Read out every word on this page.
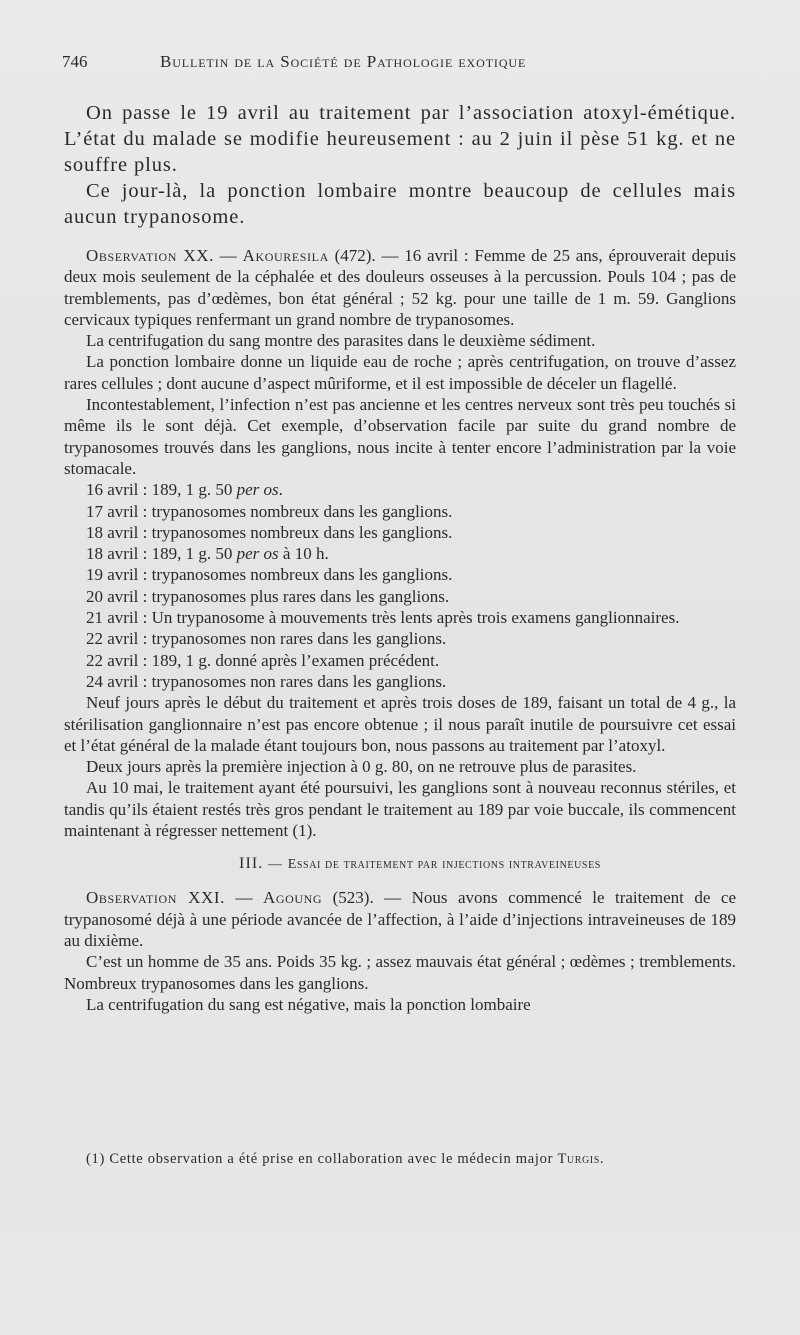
746	Bulletin de la Société de Pathologie exotique

On passe le 19 avril au traitement par l’association atoxyl-émétique. L’état du malade se modifie heureusement : au 2 juin il pèse 51 kg. et ne souffre plus.

Ce jour-là, la ponction lombaire montre beaucoup de cellules mais aucun trypanosome.

Observation XX. — Akouresila (472). — 16 avril : Femme de 25 ans, éprouverait depuis deux mois seulement de la céphalée et des douleurs osseuses à la percussion. Pouls 104 ; pas de tremblements, pas d’œdèmes, bon état général ; 52 kg. pour une taille de 1 m. 59. Ganglions cervicaux typiques renfermant un grand nombre de trypanosomes.

La centrifugation du sang montre des parasites dans le deuxième sédiment.

La ponction lombaire donne un liquide eau de roche ; après centrifugation, on trouve d’assez rares cellules ; dont aucune d’aspect mûriforme, et il est impossible de déceler un flagellé.

Incontestablement, l’infection n’est pas ancienne et les centres nerveux sont très peu touchés si même ils le sont déjà. Cet exemple, d’observation facile par suite du grand nombre de trypanosomes trouvés dans les ganglions, nous incite à tenter encore l’administration par la voie stomacale.

16 avril : 189, 1 g. 50 per os.

17 avril : trypanosomes nombreux dans les ganglions.

18 avril : trypanosomes nombreux dans les ganglions.

18 avril : 189, 1 g. 50 per os à 10 h.

19 avril : trypanosomes nombreux dans les ganglions.

20 avril : trypanosomes plus rares dans les ganglions.

21 avril : Un trypanosome à mouvements très lents après trois examens ganglionnaires.

22 avril : trypanosomes non rares dans les ganglions.

22 avril : 189, 1 g. donné après l’examen précédent.

24 avril : trypanosomes non rares dans les ganglions.

Neuf jours après le début du traitement et après trois doses de 189, faisant un total de 4 g., la stérilisation ganglionnaire n’est pas encore obtenue ; il nous paraît inutile de poursuivre cet essai et l’état général de la malade étant toujours bon, nous passons au traitement par l’atoxyl.

Deux jours après la première injection à 0 g. 80, on ne retrouve plus de parasites.

Au 10 mai, le traitement ayant été poursuivi, les ganglions sont à nouveau reconnus stériles, et tandis qu’ils étaient restés très gros pendant le traitement au 189 par voie buccale, ils commencent maintenant à régresser nettement (1).

III. — Essai de traitement par injections intraveineuses

Observation XXI. — Agoung (523). — Nous avons commencé le traitement de ce trypanosomé déjà à une période avancée de l’affection, à l’aide d’injections intraveineuses de 189 au dixième.

C’est un homme de 35 ans. Poids 35 kg. ; assez mauvais état général ; œdèmes ; tremblements. Nombreux trypanosomes dans les ganglions.

La centrifugation du sang est négative, mais la ponction lombaire

(1) Cette observation a été prise en collaboration avec le médecin major Turgis.
